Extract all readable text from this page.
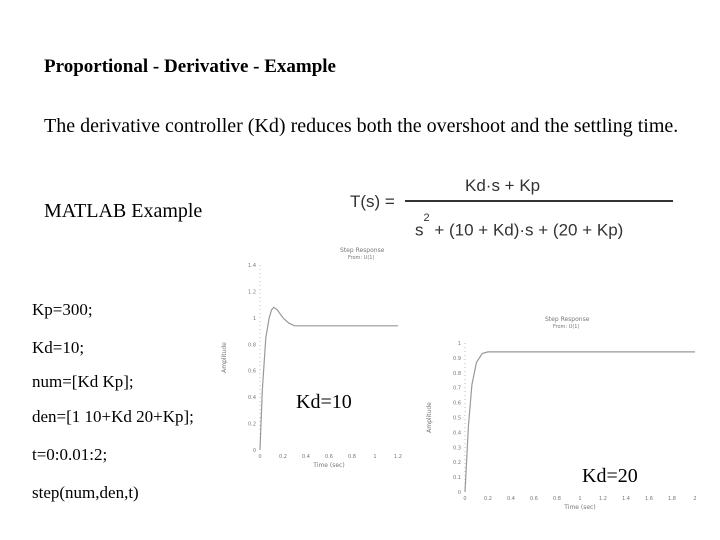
Proportional - Derivative - Example
The derivative controller (Kd) reduces both the overshoot and the settling time.
MATLAB Example	T(s) =
Kd·s + Kp
$s^2 + (10 + Kd)\cdot s + (20 + Kp)$
Kp=300;
Kd=10;
num=[Kd Kp];
den=[1 10+Kd 20+Kp];
t=0:0.01:2;
step(num,den,t)
Step Response
From: U(1)
0
0.2
0.4
0.6
0.8
1
1.2
1.4
0	0.2	0.4	0.6	0.8	1	1.2
Time (sec)
Amplitude
Step Response
From: U(1)
0
0.1
0.2
0.3
0.4
0.5
0.6
0.7
0.8
0.9
1
0	0.2	0.4	0.6	0.8	1	1.2	1.4	1.6	1.8	2
Time (sec)
Amplitude
Kd=10
Kd=20
